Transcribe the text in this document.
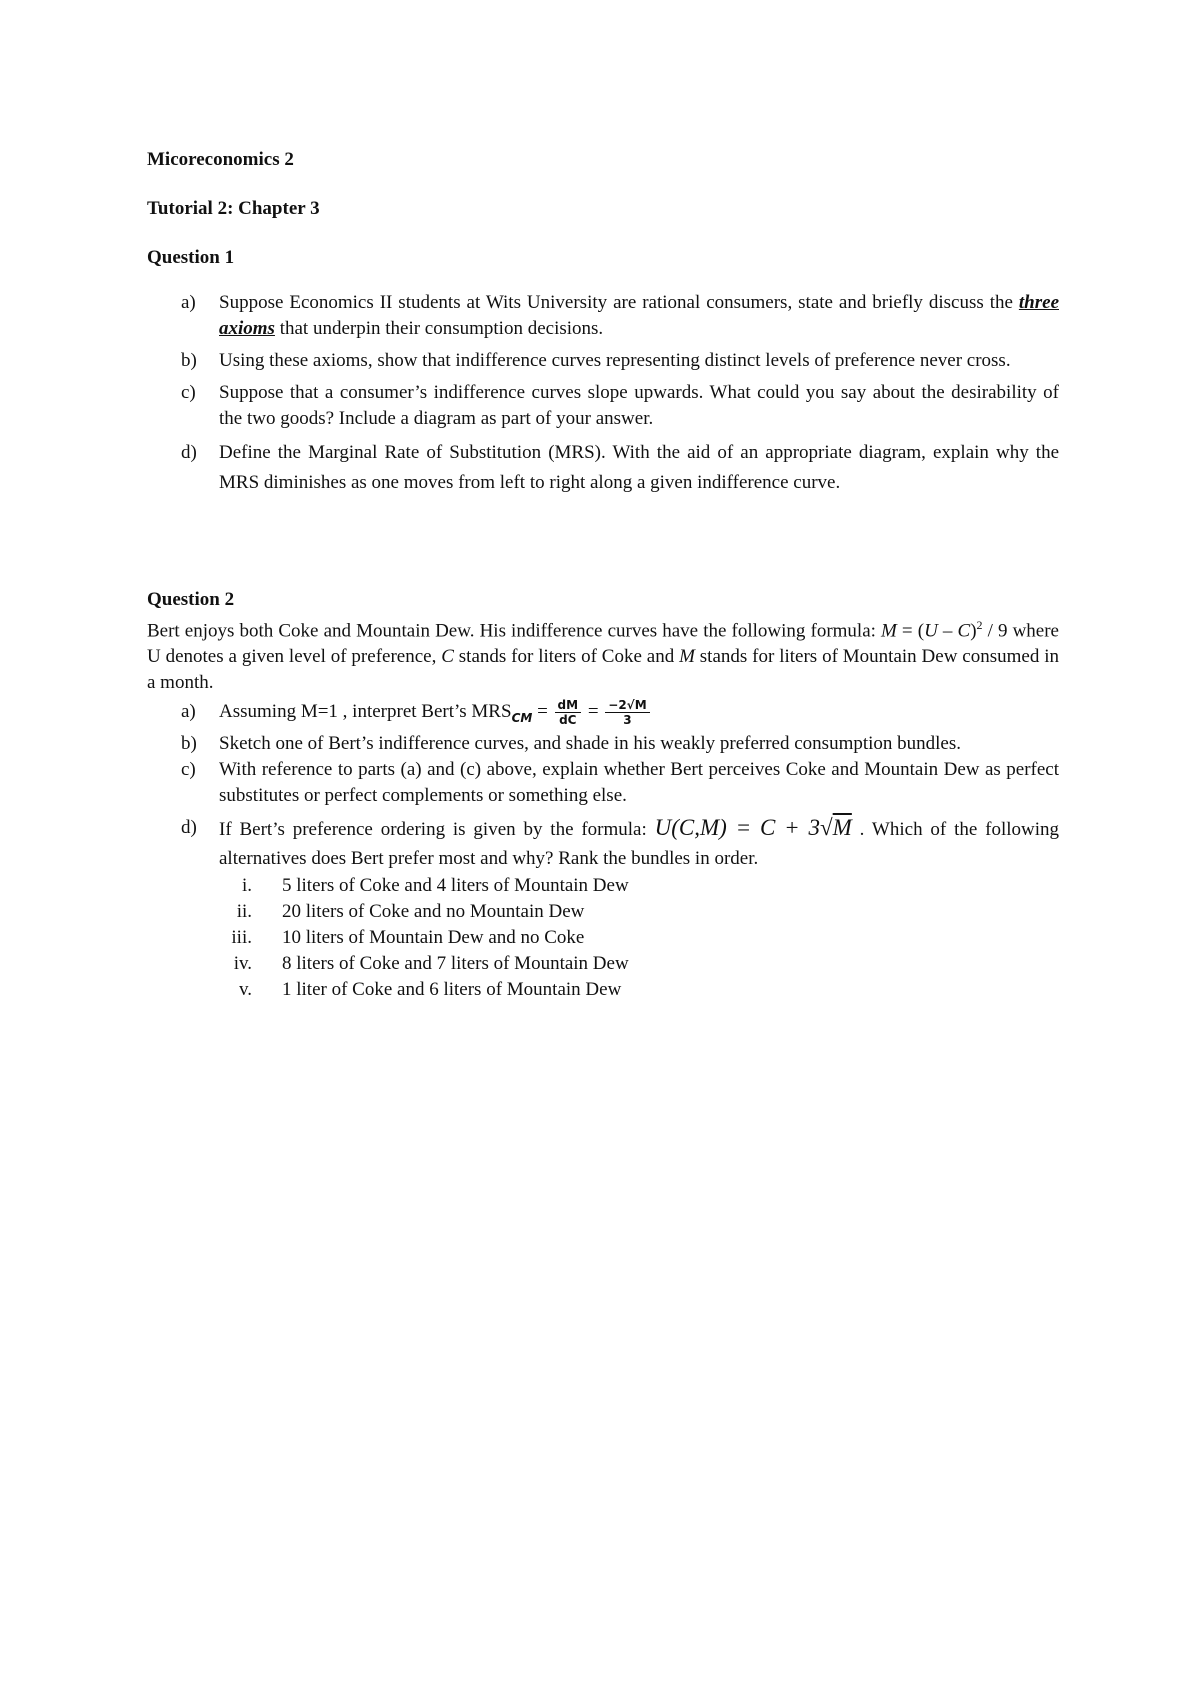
Micoreconomics 2
Tutorial 2: Chapter 3
Question 1
a) Suppose Economics II students at Wits University are rational consumers, state and briefly discuss the three axioms that underpin their consumption decisions.
b) Using these axioms, show that indifference curves representing distinct levels of preference never cross.
c) Suppose that a consumer’s indifference curves slope upwards. What could you say about the desirability of the two goods? Include a diagram as part of your answer.
d) Define the Marginal Rate of Substitution (MRS). With the aid of an appropriate diagram, explain why the MRS diminishes as one moves from left to right along a given indifference curve.
Question 2
Bert enjoys both Coke and Mountain Dew. His indifference curves have the following formula: M = (U – C)$^2$ / 9 where U denotes a given level of preference, C stands for liters of Coke and M stands for liters of Mountain Dew consumed in a month.
a) Assuming M=1 , interpret Bert’s $MRS_{CM} = \frac{dM}{dC} = \frac{-2√M}{3}$
b) Sketch one of Bert’s indifference curves, and shade in his weakly preferred consumption bundles.
c) With reference to parts (a) and (c) above, explain whether Bert perceives Coke and Mountain Dew as perfect substitutes or perfect complements or something else.
d) If Bert’s preference ordering is given by the formula: U(C,M) = C + 3√M . Which of the following alternatives does Bert prefer most and why? Rank the bundles in order.
i. 5 liters of Coke and 4 liters of Mountain Dew
ii. 20 liters of Coke and no Mountain Dew
iii. 10 liters of Mountain Dew and no Coke
iv. 8 liters of Coke and 7 liters of Mountain Dew
v. 1 liter of Coke and 6 liters of Mountain Dew
